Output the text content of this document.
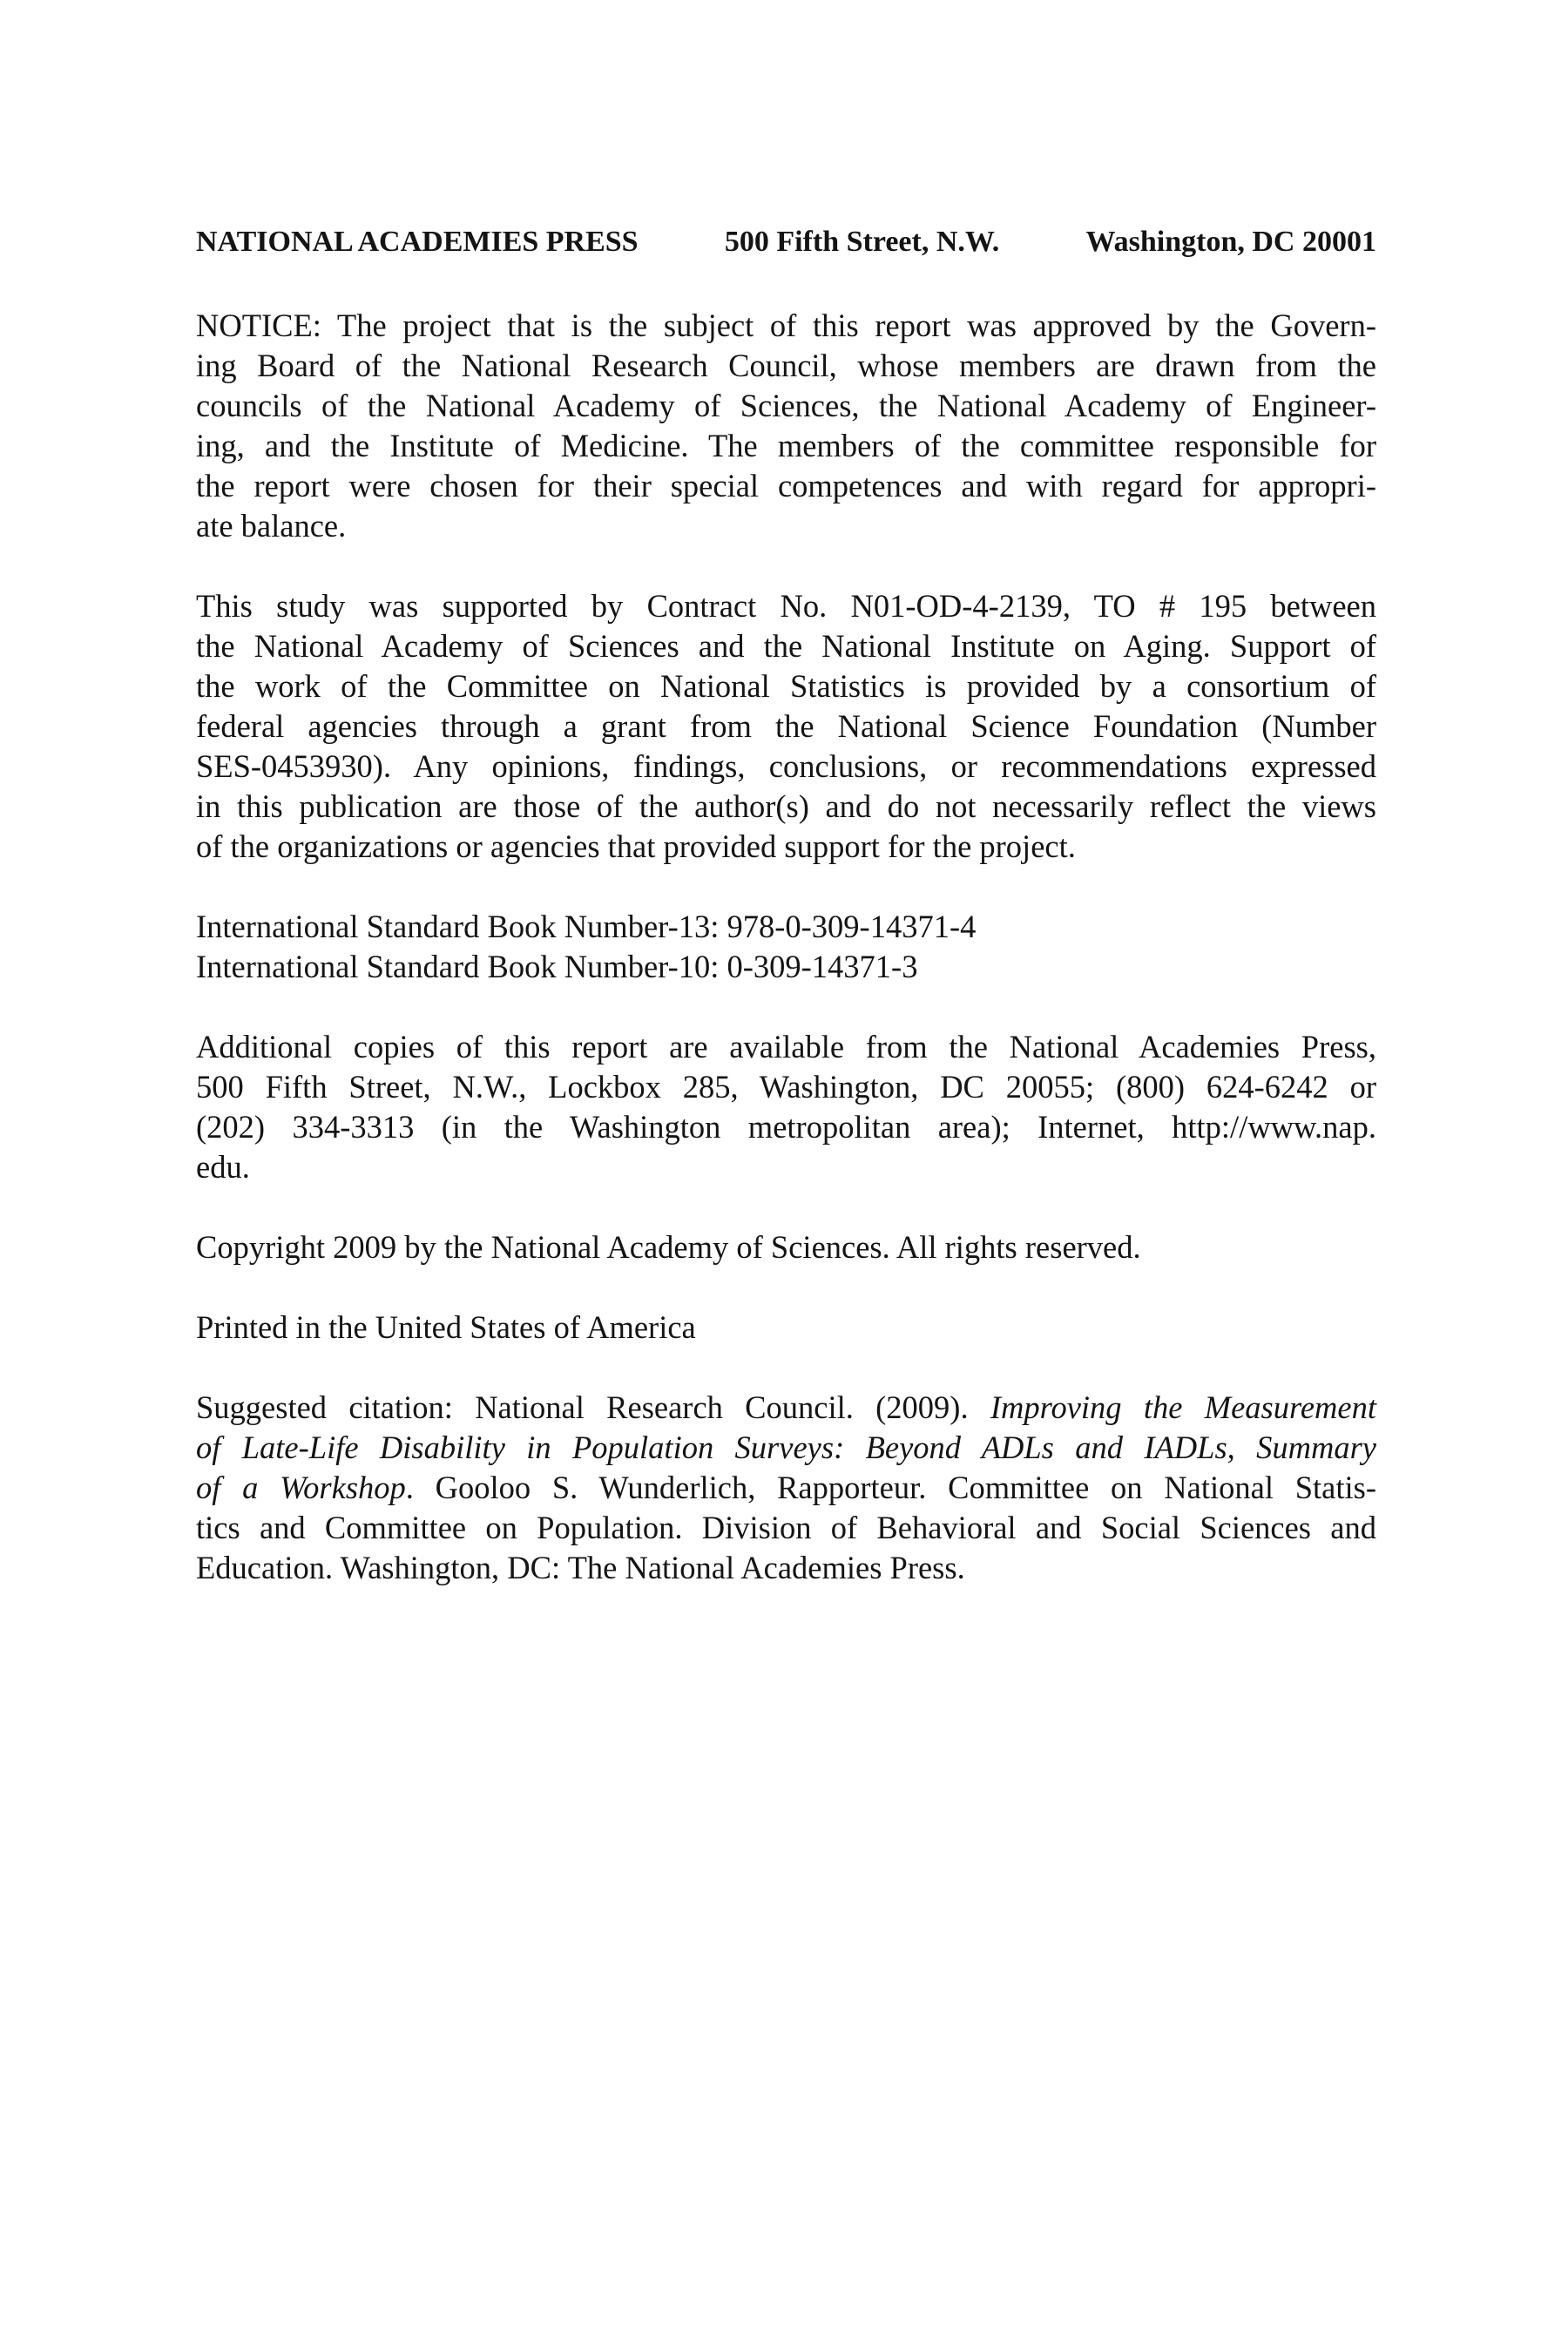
NATIONAL ACADEMIES PRESS	500 Fifth Street, N.W.	Washington, DC 20001
NOTICE: The project that is the subject of this report was approved by the Govern-
ing Board of the National Research Council, whose members are drawn from the
councils of the National Academy of Sciences, the National Academy of Engineer-
ing, and the Institute of Medicine. The members of the committee responsible for
the report were chosen for their special competences and with regard for appropri-
ate balance.
This study was supported by Contract No. N01-OD-4-2139, TO # 195 between
the National Academy of Sciences and the National Institute on Aging. Support of
the work of the Committee on National Statistics is provided by a consortium of
federal agencies through a grant from the National Science Foundation (Number
SES-0453930). Any opinions, findings, conclusions, or recommendations expressed
in this publication are those of the author(s) and do not necessarily reflect the views
of the organizations or agencies that provided support for the project.
International Standard Book Number-13: 978-0-309-14371-4
International Standard Book Number-10: 0-309-14371-3
Additional copies of this report are available from the National Academies Press,
500 Fifth Street, N.W., Lockbox 285, Washington, DC 20055; (800) 624-6242 or
(202) 334-3313 (in the Washington metropolitan area); Internet, http://www.nap.
edu.
Copyright 2009 by the National Academy of Sciences. All rights reserved.
Printed in the United States of America
Suggested citation: National Research Council. (2009). Improving the Measurement
of Late-Life Disability in Population Surveys: Beyond ADLs and IADLs, Summary
of a Workshop. Gooloo S. Wunderlich, Rapporteur. Committee on National Statis-
tics and Committee on Population. Division of Behavioral and Social Sciences and
Education. Washington, DC: The National Academies Press.
